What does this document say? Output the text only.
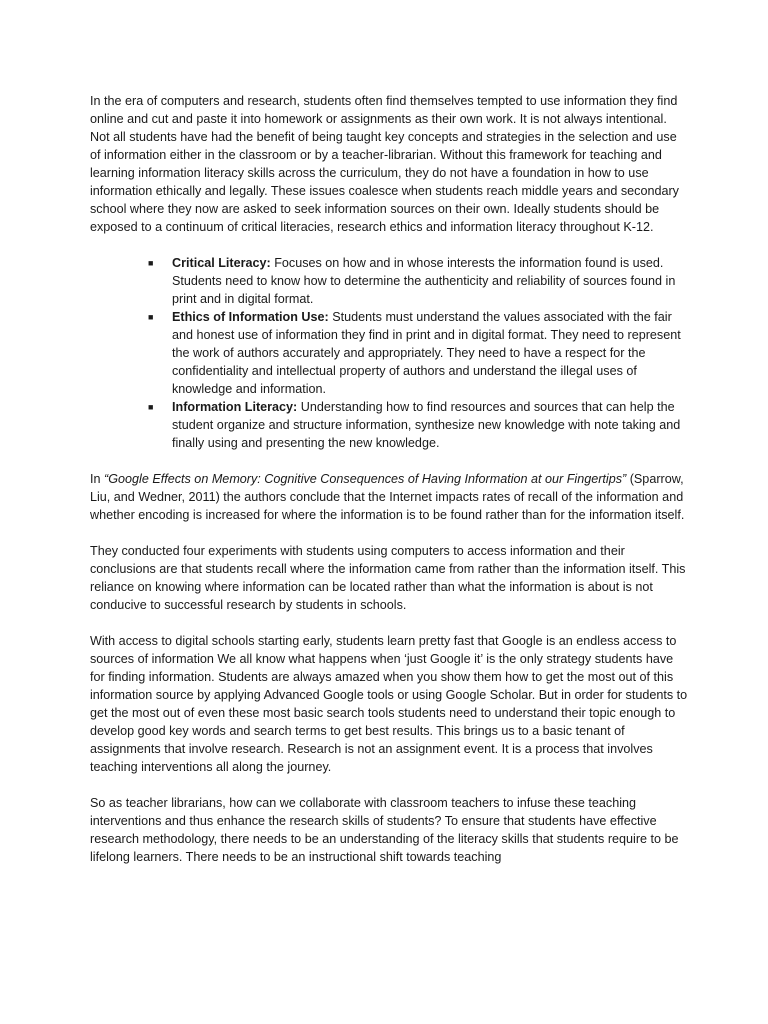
In the era of computers and research, students often find themselves tempted to use information they find online and cut and paste it into homework or assignments as their own work. It is not always intentional. Not all students have had the benefit of being taught key concepts and strategies in the selection and use of information either in the classroom or by a teacher-librarian. Without this framework for teaching and learning information literacy skills across the curriculum, they do not have a foundation in how to use information ethically and legally. These issues coalesce when students reach middle years and secondary school where they now are asked to seek information sources on their own. Ideally students should be exposed to a continuum of critical literacies, research ethics and information literacy throughout K-12.

■ Critical Literacy: Focuses on how and in whose interests the information found is used. Students need to know how to determine the authenticity and reliability of sources found in print and in digital format.
■ Ethics of Information Use: Students must understand the values associated with the fair and honest use of information they find in print and in digital format. They need to represent the work of authors accurately and appropriately. They need to have a respect for the confidentiality and intellectual property of authors and understand the illegal uses of knowledge and information.
■ Information Literacy: Understanding how to find resources and sources that can help the student organize and structure information, synthesize new knowledge with note taking and finally using and presenting the new knowledge.

In “Google Effects on Memory: Cognitive Consequences of Having Information at our Fingertips” (Sparrow, Liu, and Wedner, 2011) the authors conclude that the Internet impacts rates of recall of the information and whether encoding is increased for where the information is to be found rather than for the information itself.

They conducted four experiments with students using computers to access information and their conclusions are that students recall where the information came from rather than the information itself. This reliance on knowing where information can be located rather than what the information is about is not conducive to successful research by students in schools.

With access to digital schools starting early, students learn pretty fast that Google is an endless access to sources of information We all know what happens when ‘just Google it’ is the only strategy students have for finding information. Students are always amazed when you show them how to get the most out of this information source by applying Advanced Google tools or using Google Scholar. But in order for students to get the most out of even these most basic search tools students need to understand their topic enough to develop good key words and search terms to get best results. This brings us to a basic tenant of assignments that involve research. Research is not an assignment event. It is a process that involves teaching interventions all along the journey.

So as teacher librarians, how can we collaborate with classroom teachers to infuse these teaching interventions and thus enhance the research skills of students? To ensure that students have effective research methodology, there needs to be an understanding of the literacy skills that students require to be lifelong learners. There needs to be an instructional shift towards teaching
